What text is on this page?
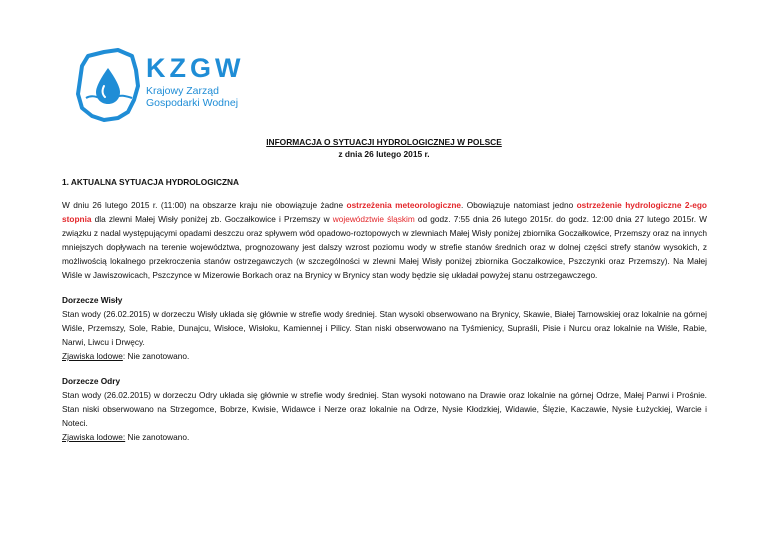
KZGW
Krajowy Zarząd
Gospodarki Wodnej
INFORMACJA O SYTUACJI HYDROLOGICZNEJ W POLSCE
z dnia 26 lutego 2015 r.
1. AKTUALNA SYTUACJA HYDROLOGICZNA

W dniu 26 lutego 2015 r. (11:00) na obszarze kraju nie obowiązuje żadne ostrzeżenia meteorologiczne. Obowiązuje natomiast jedno ostrzeżenie hydrologiczne 2-ego stopnia dla zlewni Małej Wisły poniżej zb. Goczałkowice i Przemszy w województwie śląskim od godz. 7:55 dnia 26 lutego 2015r. do godz. 12:00 dnia 27 lutego 2015r. W związku z nadal występującymi opadami deszczu oraz spływem wód opadowo-roztopowych w zlewniach Małej Wisły poniżej zbiornika Goczałkowice, Przemszy oraz na innych mniejszych dopływach na terenie województwa, prognozowany jest dalszy wzrost poziomu wody w strefie stanów średnich oraz w dolnej części strefy stanów wysokich, z możliwością lokalnego przekroczenia stanów ostrzegawczych (w szczególności w zlewni Małej Wisły poniżej zbiornika Goczałkowice, Pszczynki oraz Przemszy). Na Małej Wiśle w Jawiszowicach, Pszczynce w Mizerowie Borkach oraz na Brynicy w Brynicy stan wody będzie się układał powyżej stanu ostrzegawczego.

Dorzecze Wisły

Stan wody (26.02.2015) w dorzeczu Wisły układa się głównie w strefie wody średniej. Stan wysoki obserwowano na Brynicy, Skawie, Białej Tarnowskiej oraz lokalnie na górnej Wiśle, Przemszy, Sole, Rabie, Dunajcu, Wisłoce, Wisłoku, Kamiennej i Pilicy. Stan niski obserwowano na Tyśmienicy, Supraśli, Pisie i Nurcu oraz lokalnie na Wiśle, Rabie, Narwi, Liwcu i Drwęcy.

Zjawiska lodowe: Nie zanotowano.

Dorzecze Odry

Stan wody (26.02.2015) w dorzeczu Odry układa się głównie w strefie wody średniej. Stan wysoki notowano na Drawie oraz lokalnie na górnej Odrze, Małej Panwi i Prośnie. Stan niski obserwowano na Strzegomce, Bobrze, Kwisie, Widawce i Nerze oraz lokalnie na Odrze, Nysie Kłodzkiej, Widawie, Ślęzie, Kaczawie, Nysie Łużyckiej, Warcie i Noteci.

Zjawiska lodowe: Nie zanotowano.
